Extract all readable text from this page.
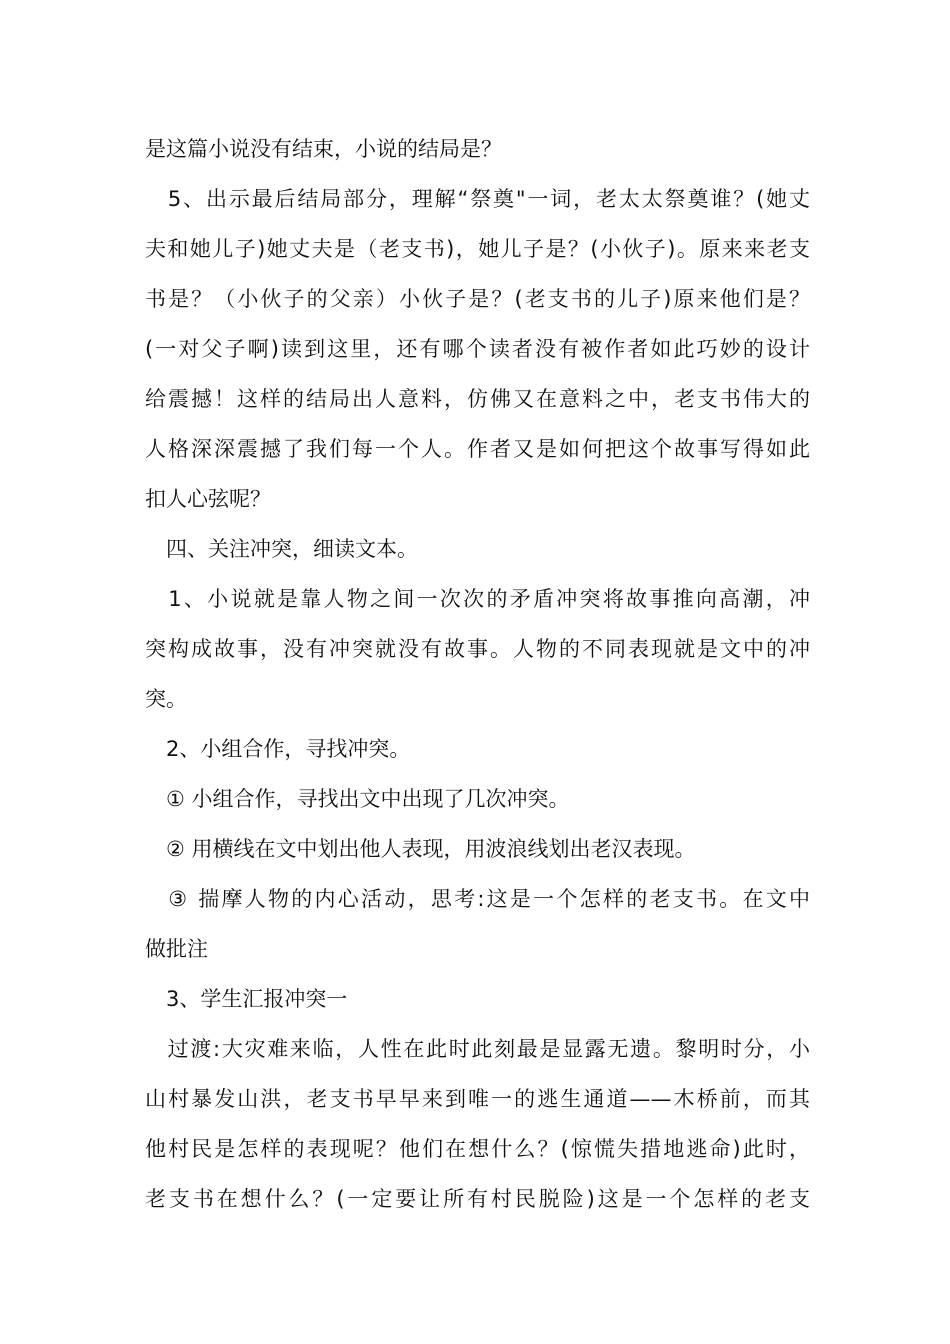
是这篇小说没有结束，小说的结局是？
　5、出示最后结局部分，理解“祭奠"一词，老太太祭奠谁？(她丈
夫和她儿子)她丈夫是（老支书)，她儿子是？(小伙子)。原来来老支
书是？（小伙子的父亲）小伙子是？(老支书的儿子)原来他们是？
(一对父子啊)读到这里，还有哪个读者没有被作者如此巧妙的设计
给震撼！这样的结局出人意料，仿佛又在意料之中，老支书伟大的
人格深深震撼了我们每一个人。作者又是如何把这个故事写得如此
扣人心弦呢？
　四、关注冲突，细读文本。
　1、小说就是靠人物之间一次次的矛盾冲突将故事推向高潮，冲
突构成故事，没有冲突就没有故事。人物的不同表现就是文中的冲
突。
　2、小组合作，寻找冲突。
　① 小组合作，寻找出文中出现了几次冲突。
　② 用横线在文中划出他人表现，用波浪线划出老汉表现。
　③ 揣摩人物的内心活动，思考:这是一个怎样的老支书。在文中
做批注
　3、学生汇报冲突一
　过渡:大灾难来临，人性在此时此刻最是显露无遗。黎明时分，小
山村暴发山洪，老支书早早来到唯一的逃生通道——木桥前，而其
他村民是怎样的表现呢？他们在想什么？(惊慌失措地逃命)此时，
老支书在想什么？(一定要让所有村民脱险)这是一个怎样的老支
